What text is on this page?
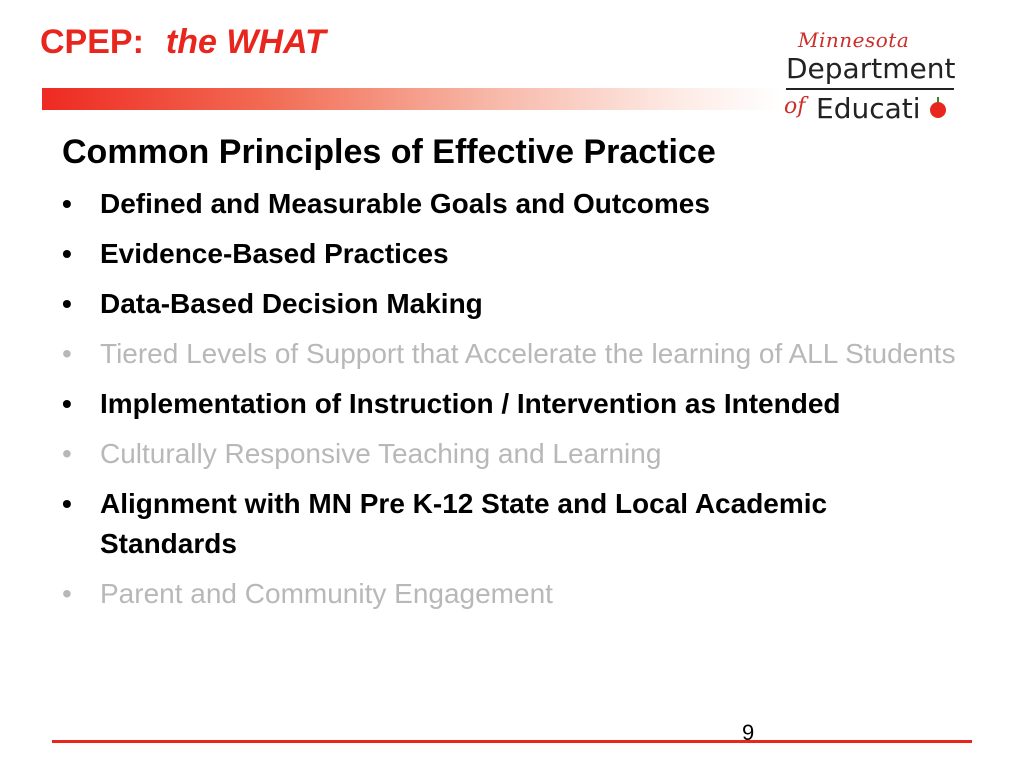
CPEP: the WHAT	Minnesota
Department
of Educati
Common Principles of Effective Practice
• Defined and Measurable Goals and Outcomes
• Evidence-Based Practices
• Data-Based Decision Making
• Tiered Levels of Support that Accelerate the learning of ALL Students
• Implementation of Instruction / Intervention as Intended
• Culturally Responsive Teaching and Learning
• Alignment with MN Pre K-12 State and Local Academic Standards
• Parent and Community Engagement
9
